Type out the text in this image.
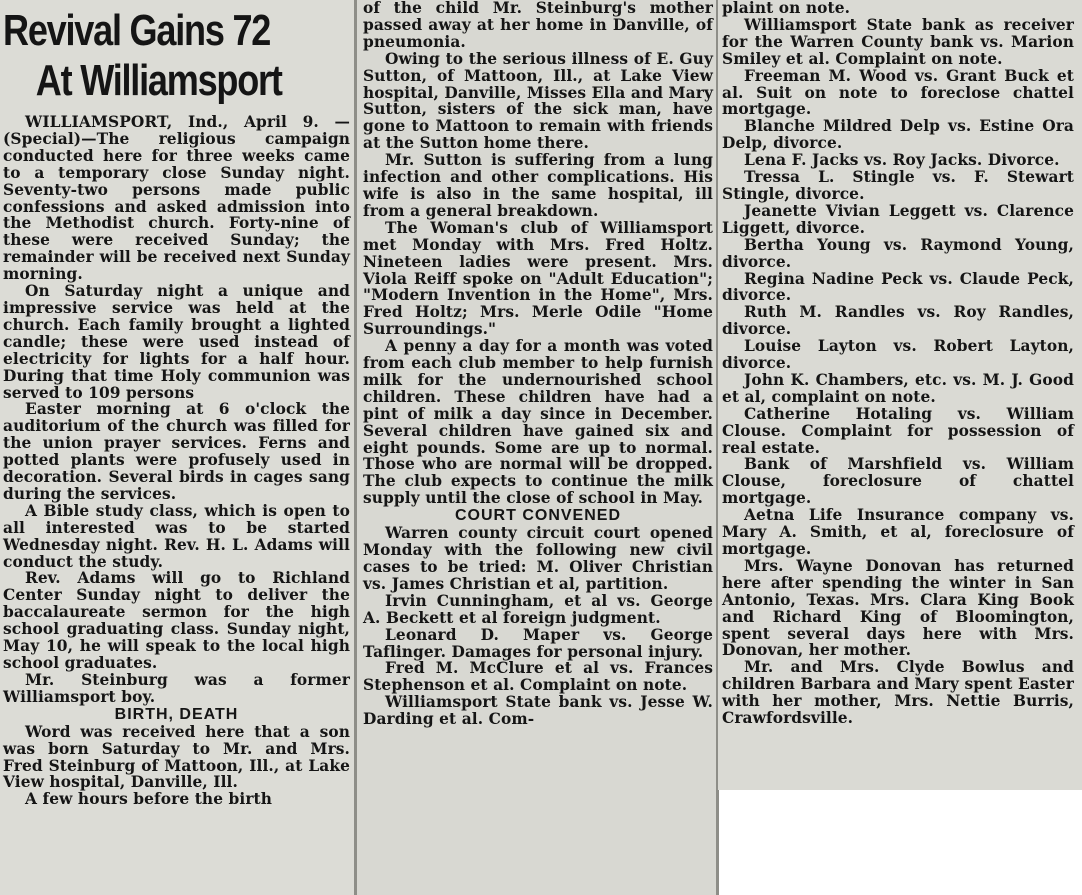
Revival Gains 72
At Williamsport

WILLIAMSPORT, Ind., April 9. —(Special)—The religious campaign conducted here for three weeks came to a temporary close Sunday night. Seventy-two persons made public confessions and asked admission into the Methodist church. Forty-nine of these were received Sunday; the remainder will be received next Sunday morning.

On Saturday night a unique and impressive service was held at the church. Each family brought a lighted candle; these were used instead of electricity for lights for a half hour. During that time Holy communion was served to 109 persons

Easter morning at 6 o'clock the auditorium of the church was filled for the union prayer services. Ferns and potted plants were profusely used in decoration. Several birds in cages sang during the services.

A Bible study class, which is open to all interested was to be started Wednesday night. Rev. H. L. Adams will conduct the study.

Rev. Adams will go to Richland Center Sunday night to deliver the baccalaureate sermon for the high school graduating class. Sunday night, May 10, he will speak to the local high school graduates.

Mr. Steinburg was a former Williamsport boy.

BIRTH, DEATH

Word was received here that a son was born Saturday to Mr. and Mrs. Fred Steinburg of Mattoon, Ill., at Lake View hospital, Danville, Ill.

A few hours before the birth

of the child Mr. Steinburg's mother passed away at her home in Danville, of pneumonia.

Owing to the serious illness of E. Guy Sutton, of Mattoon, Ill., at Lake View hospital, Danville, Misses Ella and Mary Sutton, sisters of the sick man, have gone to Mattoon to remain with friends at the Sutton home there.

Mr. Sutton is suffering from a lung infection and other complications. His wife is also in the same hospital, ill from a general breakdown.

The Woman's club of Williamsport met Monday with Mrs. Fred Holtz. Nineteen ladies were present. Mrs. Viola Reiff spoke on "Adult Education"; "Modern Invention in the Home", Mrs. Fred Holtz; Mrs. Merle Odile "Home Surroundings."

A penny a day for a month was voted from each club member to help furnish milk for the undernourished school children. These children have had a pint of milk a day since in December. Several children have gained six and eight pounds. Some are up to normal. Those who are normal will be dropped. The club expects to continue the milk supply until the close of school in May.

COURT CONVENED

Warren county circuit court opened Monday with the following new civil cases to be tried: M. Oliver Christian vs. James Christian et al, partition.

Irvin Cunningham, et al vs. George A. Beckett et al foreign judgment.

Leonard D. Maper vs. George Taflinger. Damages for personal injury.

Fred M. McClure et al vs. Frances Stephenson et al. Complaint on note.

Williamsport State bank vs. Jesse W. Darding et al. Com-

plaint on note.

Williamsport State bank as receiver for the Warren County bank vs. Marion Smiley et al. Complaint on note.

Freeman M. Wood vs. Grant Buck et al. Suit on note to foreclose chattel mortgage.

Blanche Mildred Delp vs. Estine Ora Delp, divorce.

Lena F. Jacks vs. Roy Jacks. Divorce.

Tressa L. Stingle vs. F. Stewart Stingle, divorce.

Jeanette Vivian Leggett vs. Clarence Liggett, divorce.

Bertha Young vs. Raymond Young, divorce.

Regina Nadine Peck vs. Claude Peck, divorce.

Ruth M. Randles vs. Roy Randles, divorce.

Louise Layton vs. Robert Layton, divorce.

John K. Chambers, etc. vs. M. J. Good et al, complaint on note.

Catherine Hotaling vs. William Clouse. Complaint for possession of real estate.

Bank of Marshfield vs. William Clouse, foreclosure of chattel mortgage.

Aetna Life Insurance company vs. Mary A. Smith, et al, foreclosure of mortgage.

Mrs. Wayne Donovan has returned here after spending the winter in San Antonio, Texas. Mrs. Clara King Book and Richard King of Bloomington, spent several days here with Mrs. Donovan, her mother.

Mr. and Mrs. Clyde Bowlus and children Barbara and Mary spent Easter with her mother, Mrs. Nettie Burris, Crawfordsville.
